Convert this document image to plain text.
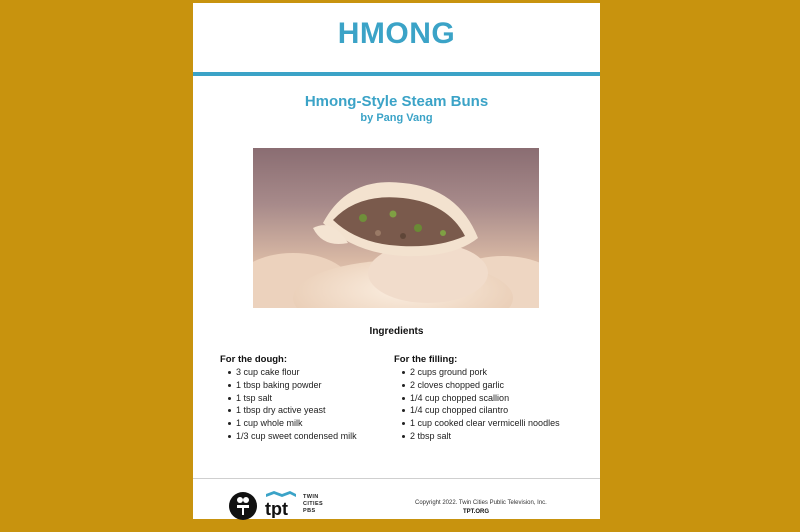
HMONG
Hmong-Style Steam Buns
by Pang Vang
Ingredients
For the dough:
3 cup cake flour
1 tbsp baking powder
1 tsp salt
1 tbsp dry active yeast
1 cup whole milk
1/3 cup sweet condensed milk
For the filling:
2 cups ground pork
2 cloves chopped garlic
1/4 cup chopped scallion
1/4 cup chopped cilantro
1 cup cooked clear vermicelli noodles
2 tbsp salt
tpt
TWIN
CITIES
PBS
Copyright 2022. Twin Cities Public Television, Inc.
TPT.ORG
